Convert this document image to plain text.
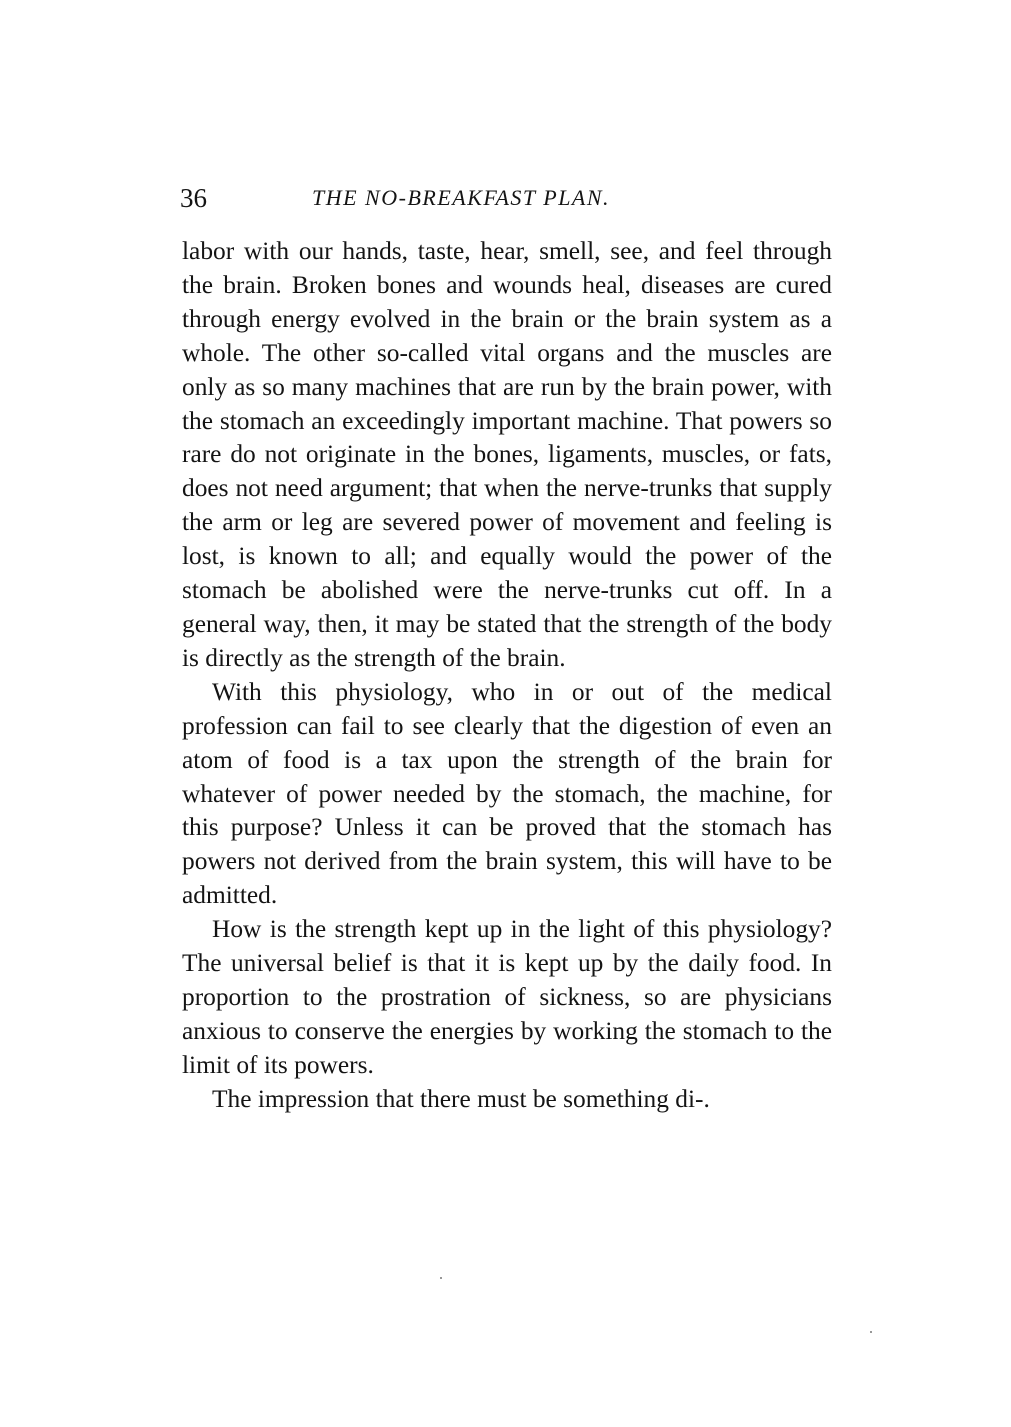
36	THE NO-BREAKFAST PLAN.

labor with our hands, taste, hear, smell, see, and feel through the brain. Broken bones and wounds heal, diseases are cured through energy evolved in the brain or the brain system as a whole. The other so-called vital organs and the muscles are only as so many machines that are run by the brain power, with the stomach an exceedingly important machine. That powers so rare do not originate in the bones, ligaments, muscles, or fats, does not need argument; that when the nerve-trunks that supply the arm or leg are severed power of movement and feeling is lost, is known to all; and equally would the power of the stomach be abolished were the nerve-trunks cut off. In a general way, then, it may be stated that the strength of the body is directly as the strength of the brain.

With this physiology, who in or out of the medical profession can fail to see clearly that the digestion of even an atom of food is a tax upon the strength of the brain for whatever of power needed by the stomach, the machine, for this purpose? Unless it can be proved that the stomach has powers not derived from the brain system, this will have to be admitted.

How is the strength kept up in the light of this physiology? The universal belief is that it is kept up by the daily food. In proportion to the prostration of sickness, so are physicians anxious to conserve the energies by working the stomach to the limit of its powers.

The impression that there must be something di-.
